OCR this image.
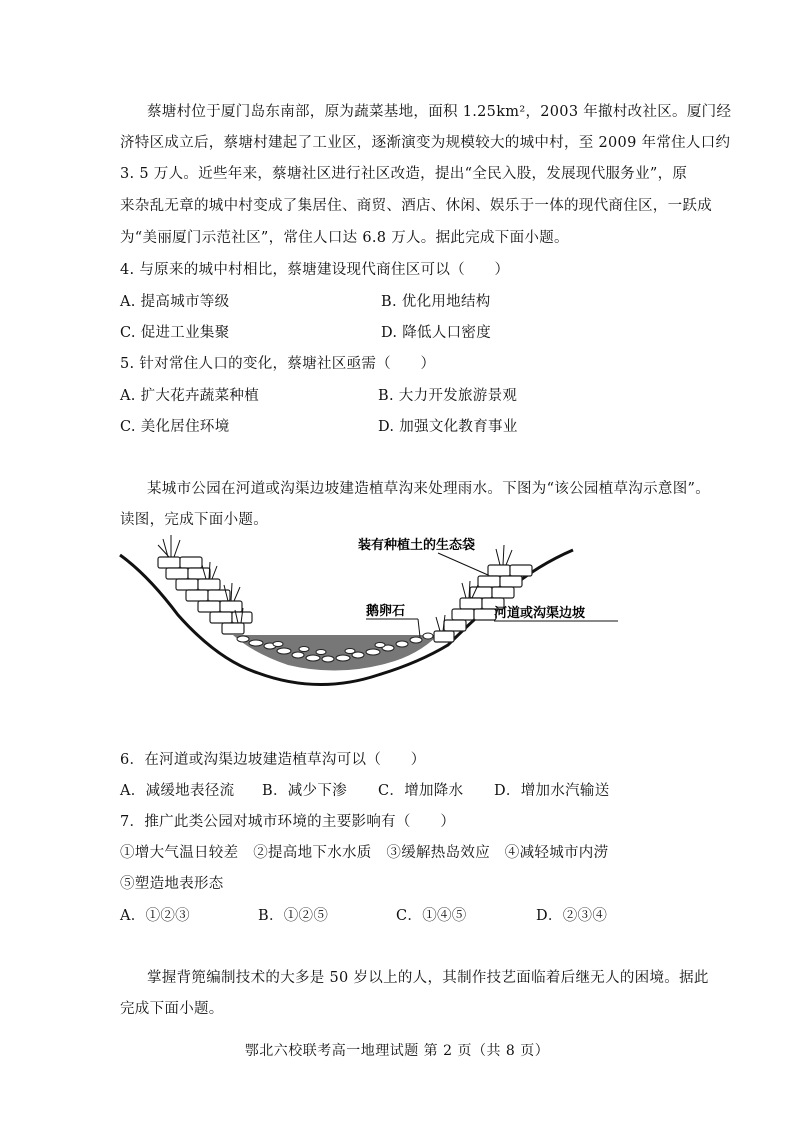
蔡塘村位于厦门岛东南部，原为蔬菜基地，面积 1.25km²，2003 年撤村改社区。厦门经
济特区成立后，蔡塘村建起了工业区，逐渐演变为规模较大的城中村，至 2009 年常住人口约
3. 5 万人。近些年来，蔡塘社区进行社区改造，提出“全民入股，发展现代服务业”，原
来杂乱无章的城中村变成了集居住、商贸、酒店、休闲、娱乐于一体的现代商住区，一跃成
为“美丽厦门示范社区”，常住人口达 6.8 万人。据此完成下面小题。
4. 与原来的城中村相比，蔡塘建设现代商住区可以（　　）
A. 提高城市等级	B. 优化用地结构
C. 促进工业集聚	D. 降低人口密度
5. 针对常住人口的变化，蔡塘社区亟需（　　）
A. 扩大花卉蔬菜种植	B. 大力开发旅游景观
C. 美化居住环境	D. 加强文化教育事业
某城市公园在河道或沟渠边坡建造植草沟来处理雨水。下图为“该公园植草沟示意图”。
读图，完成下面小题。
装有种植土的生态袋
鹅卵石	河道或沟渠边坡
6．在河道或沟渠边坡建造植草沟可以（　　）
A．减缓地表径流 B．减少下渗 C．增加降水 D．增加水汽输送
7．推广此类公园对城市环境的主要影响有（　　）
①增大气温日较差　②提高地下水水质　③缓解热岛效应　④减轻城市内涝
⑤塑造地表形态
A．①②③	B．①②⑤	C．①④⑤	D．②③④
掌握背篼编制技术的大多是 50 岁以上的人，其制作技艺面临着后继无人的困境。据此
完成下面小题。
鄂北六校联考高一地理试题 第 2 页（共 8 页）
